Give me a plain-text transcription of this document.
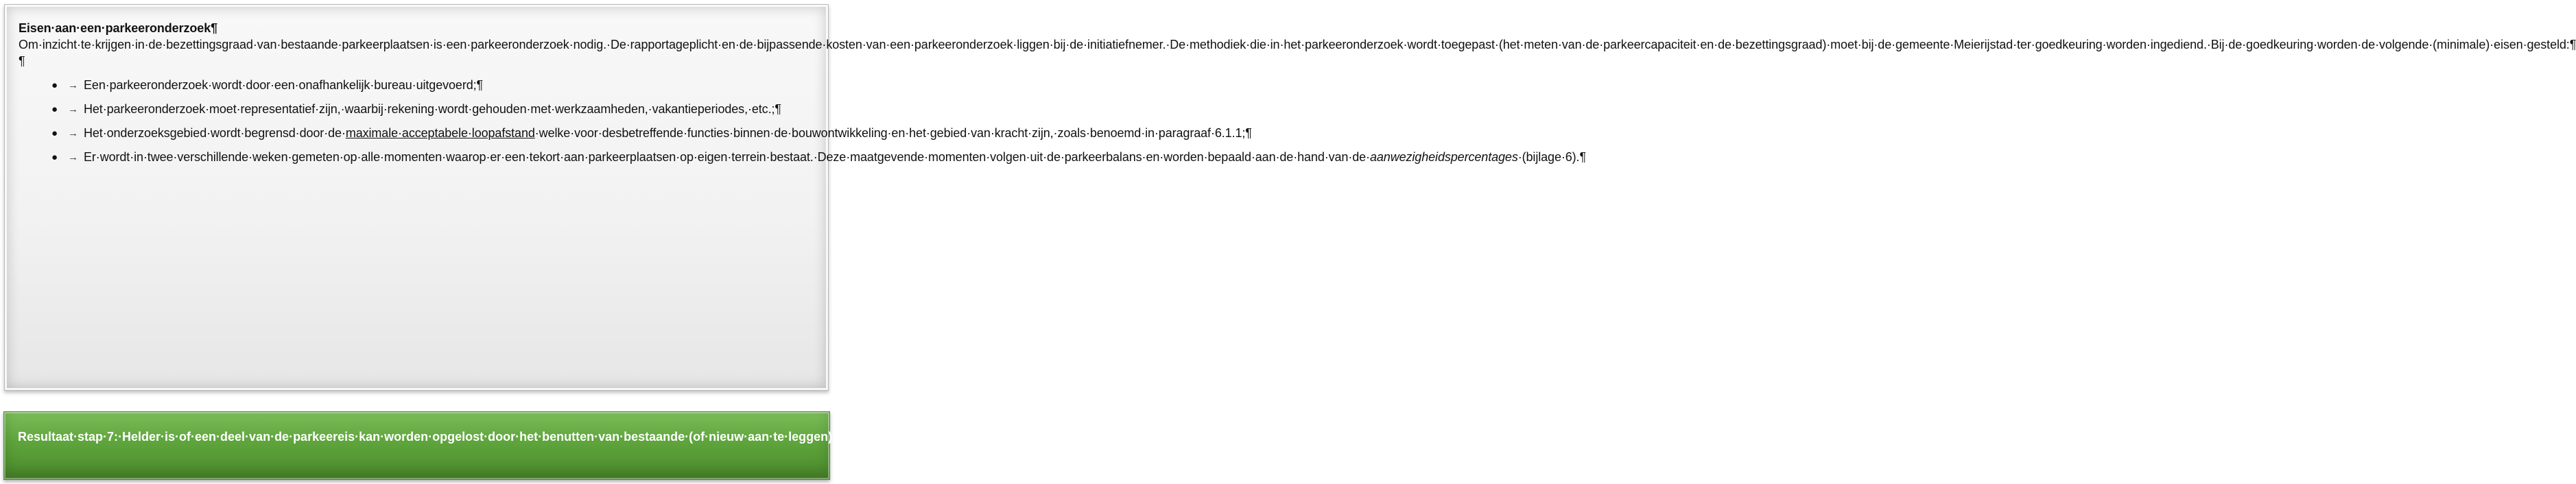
Eisen·aan·een·parkeeronderzoek¶

Om·inzicht·te·krijgen·in·de·bezettingsgraad·van·bestaande·parkeerplaatsen·is·een·parkeeronderzoek·nodig.·De·rapportageplicht·en·de·bijpassende·kosten·van·een·parkeeronderzoek·liggen·bij·de·initiatiefnemer.·De·methodiek·die·in·het·parkeeronderzoek·wordt·toegepast·(het·meten·van·de·parkeercapaciteit·en·de·bezettingsgraad)·moet·bij·de·gemeente·Meierijstad·ter·goedkeuring·worden·ingediend.·Bij·de·goedkeuring·worden·de·volgende·(minimale)·eisen·gesteld:¶

¶

● → Een·parkeeronderzoek·wordt·door·een·onafhankelijk·bureau·uitgevoerd;¶
● → Het·parkeeronderzoek·moet·representatief·zijn,·waarbij·rekening·wordt·gehouden·met·werkzaamheden,·vakantieperiodes,·etc.;¶
● → Het·onderzoeksgebied·wordt·begrensd·door·de·maximale·acceptabele·loopafstand·welke·voor·desbetreffende·functies·binnen·de·bouwontwikkeling·en·het·gebied·van·kracht·zijn,·zoals·benoemd·in·paragraaf·6.1.1;¶
● → Er·wordt·in·twee·verschillende·weken·gemeten·op·alle·momenten·waarop·er·een·tekort·aan·parkeerplaatsen·op·eigen·terrein·bestaat.·Deze·maatgevende·momenten·volgen·uit·de·parkeerbalans·en·worden·bepaald·aan·de·hand·van·de·aanwezigheidspercentages·(bijlage·6).¶

Resultaat·stap·7:·Helder·is·of·een·deel·van·de·parkeereis·kan·worden·opgelost·door·het·benutten·van·bestaande·(of·nieuw·aan·te·leggen)·parkeerplaatsen·in·de·openbare·ruimte.·¶
